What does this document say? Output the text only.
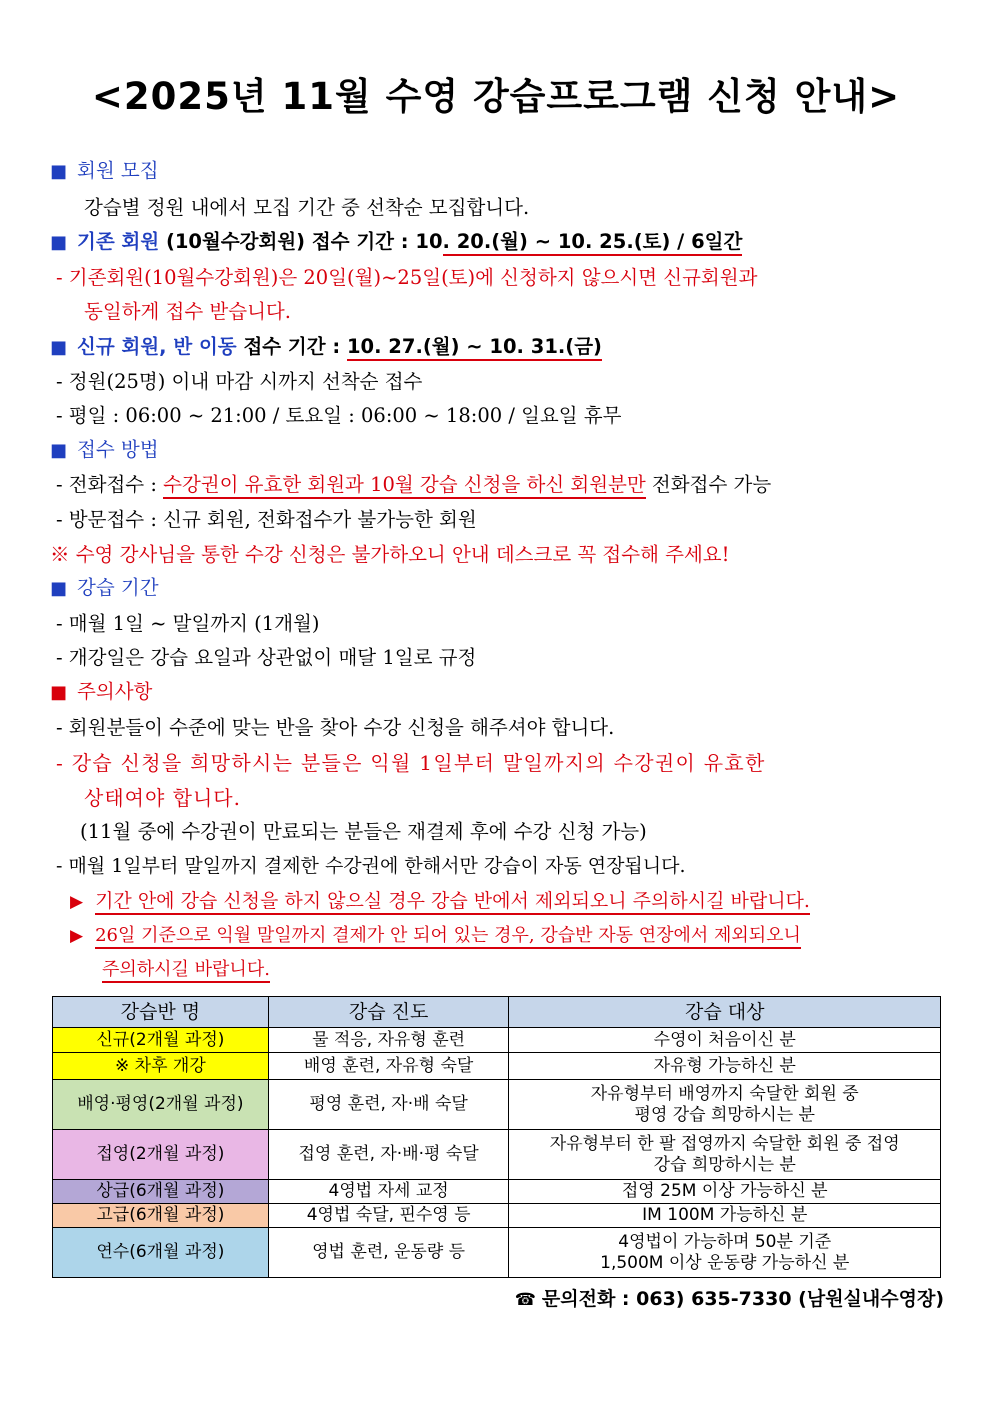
<2025년 11월 수영 강습프로그램 신청 안내>
■ 회원 모집
강습별 정원 내에서 모집 기간 중 선착순 모집합니다.
■ 기존 회원 (10월수강회원) 접수 기간 : 10. 20.(월) ~ 10. 25.(토) / 6일간
- 기존회원(10월수강회원)은 20일(월)~25일(토)에 신청하지 않으시면 신규회원과
동일하게 접수 받습니다.
■ 신규 회원, 반 이동 접수 기간 : 10. 27.(월) ~ 10. 31.(금)
- 정원(25명) 이내 마감 시까지 선착순 접수
- 평일 : 06:00 ~ 21:00 / 토요일 : 06:00 ~ 18:00 / 일요일 휴무
■ 접수 방법
- 전화접수 : 수강권이 유효한 회원과 10월 강습 신청을 하신 회원분만 전화접수 가능
- 방문접수 : 신규 회원, 전화접수가 불가능한 회원
※ 수영 강사님을 통한 수강 신청은 불가하오니 안내 데스크로 꼭 접수해 주세요!
■ 강습 기간
- 매월 1일 ~ 말일까지 (1개월)
- 개강일은 강습 요일과 상관없이 매달 1일로 규정
■ 주의사항
- 회원분들이 수준에 맞는 반을 찾아 수강 신청을 해주셔야 합니다.
- 강습 신청을 희망하시는 분들은 익월 1일부터 말일까지의 수강권이 유효한
상태여야 합니다.
(11월 중에 수강권이 만료되는 분들은 재결제 후에 수강 신청 가능)
- 매월 1일부터 말일까지 결제한 수강권에 한해서만 강습이 자동 연장됩니다.
▶ 기간 안에 강습 신청을 하지 않으실 경우 강습 반에서 제외되오니 주의하시길 바랍니다.
▶ 26일 기준으로 익월 말일까지 결제가 안 되어 있는 경우, 강습반 자동 연장에서 제외되오니
주의하시길 바랍니다.
강습반 명	강습 진도	강습 대상
신규(2개월 과정)	물 적응, 자유형 훈련	수영이 처음이신 분
※ 차후 개강	배영 훈련, 자유형 숙달	자유형 가능하신 분
배영·평영(2개월 과정)	평영 훈련, 자·배 숙달	자유형부터 배영까지 숙달한 회원 중
평영 강습 희망하시는 분

접영(2개월 과정)	접영 훈련, 자·배·평 숙달	자유형부터 한 팔 접영까지 숙달한 회원 중 접영
강습 희망하시는 분

상급(6개월 과정)	4영법 자세 교정	접영 25M 이상 가능하신 분
고급(6개월 과정)	4영법 숙달, 핀수영 등	IM 100M 가능하신 분
연수(6개월 과정)	영법 훈련, 운동량 등	4영법이 가능하며 50분 기준
1,500M 이상 운동량 가능하신 분
☎ 문의전화 : 063) 635-7330 (남원실내수영장)
